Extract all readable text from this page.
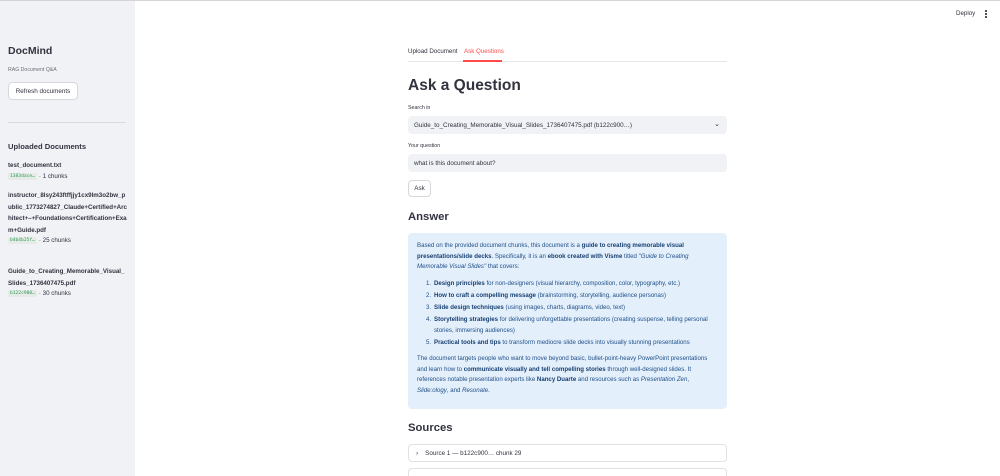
DocMind
RAG Document Q&A
Refresh documents
Uploaded Documents
test_document.txt
1383dace… · 1 chunks
instructor_8lsy243ftffjjy1cx9lm3o2bw_public_1773274827_Claude+Certified+Architect+–+Foundations+Certification+Exam+Guide.pdf
b4b4b25f… · 25 chunks
Guide_to_Creating_Memorable_Visual_Slides_1736407475.pdf
b122c900… · 30 chunks
Deploy
Upload Document Ask Questions
Ask a Question
Search in
Guide_to_Creating_Memorable_Visual_Slides_1736407475.pdf (b122c900…)	⌄
Your question
what is this document about?
Ask
Answer

Based on the provided document chunks, this document is a guide to creating memorable visual presentations/slide decks. Specifically, it is an ebook created with Visme titled "Guide to Creating Memorable Visual Slides" that covers:

1. Design principles for non-designers (visual hierarchy, composition, color, typography, etc.)
2. How to craft a compelling message (brainstorming, storytelling, audience personas)
3. Slide design techniques (using images, charts, diagrams, video, text)
4. Storytelling strategies for delivering unforgettable presentations (creating suspense, telling personal stories, immersing audiences)
5. Practical tools and tips to transform mediocre slide decks into visually stunning presentations

The document targets people who want to move beyond basic, bullet-point-heavy PowerPoint presentations and learn how to communicate visually and tell compelling stories through well-designed slides. It references notable presentation experts like Nancy Duarte and resources such as Presentation Zen, Slide:ology, and Resonate.

Sources
› Source 1 — b122c900… chunk 29
